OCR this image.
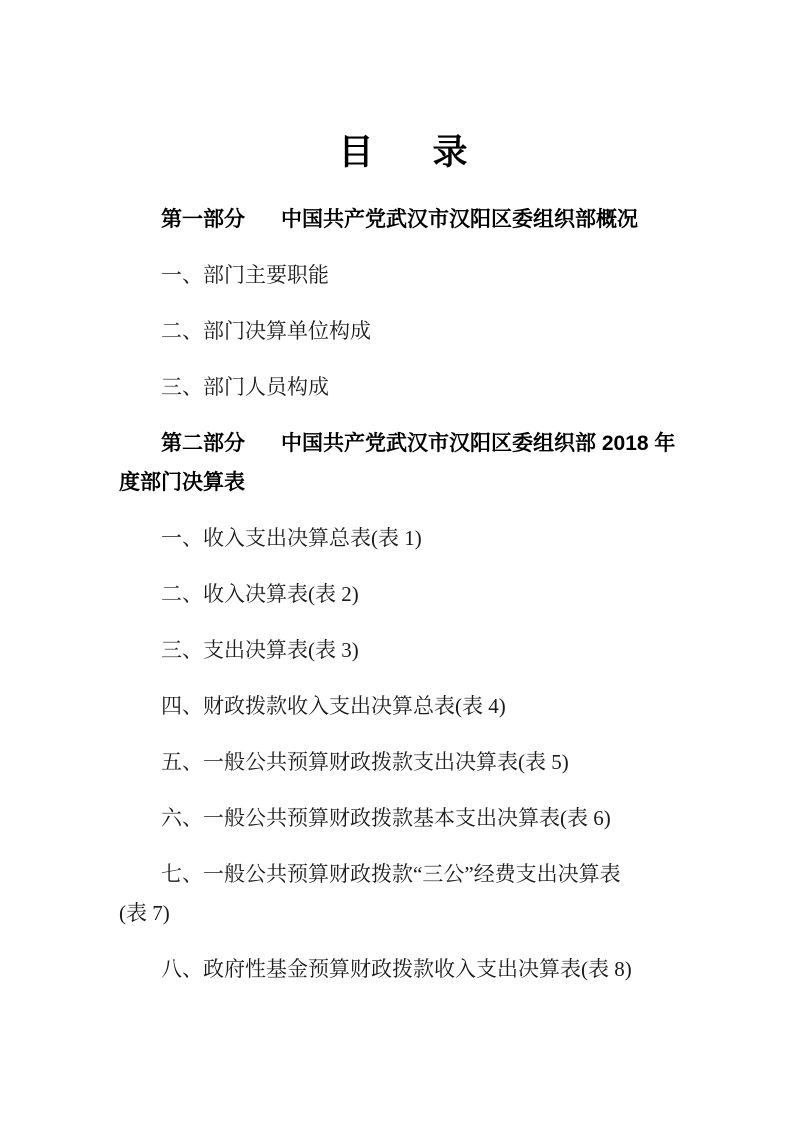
目　录
第一部分 中国共产党武汉市汉阳区委组织部概况
一、部门主要职能
二、部门决算单位构成
三、部门人员构成
第二部分 中国共产党武汉市汉阳区委组织部 2018 年
度部门决算表
一、收入支出决算总表(表 1)
二、收入决算表(表 2)
三、支出决算表(表 3)
四、财政拨款收入支出决算总表(表 4)
五、一般公共预算财政拨款支出决算表(表 5)
六、一般公共预算财政拨款基本支出决算表(表 6)
七、一般公共预算财政拨款“三公”经费支出决算表
(表 7)
八、政府性基金预算财政拨款收入支出决算表(表 8)
